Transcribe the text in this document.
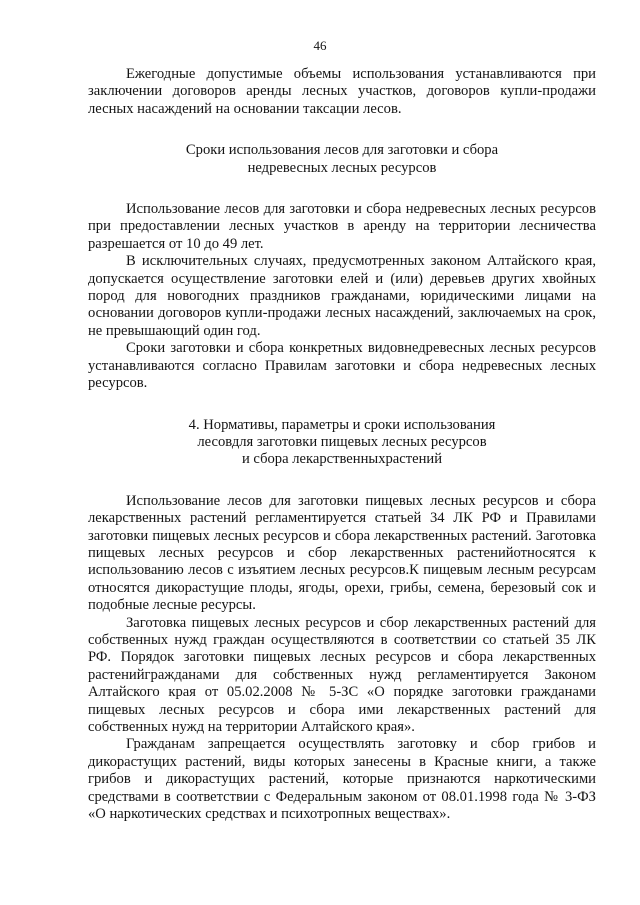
46

Ежегодные допустимые объемы использования устанавливаются при заключении договоров аренды лесных участков, договоров купли-продажи лесных насаждений на основании таксации лесов.

Сроки использования лесов для заготовки и сбора
недревесных лесных ресурсов

Использование лесов для заготовки и сбора недревесных лесных ресурсов при предоставлении лесных участков в аренду на территории лесничества разрешается от 10 до 49 лет.

В исключительных случаях, предусмотренных законом Алтайского края, допускается осуществление заготовки елей и (или) деревьев других хвойных пород для новогодних праздников гражданами, юридическими лицами на основании договоров купли-продажи лесных насаждений, заключаемых на срок, не превышающий один год.

Сроки заготовки и сбора конкретных видовнедревесных лесных ресурсов устанавливаются согласно Правилам заготовки и сбора недревесных лесных ресурсов.

4. Нормативы, параметры и сроки использования
лесовдля заготовки пищевых лесных ресурсов
и сбора лекарственныхрастений

Использование лесов для заготовки пищевых лесных ресурсов и сбора лекарственных растений регламентируется статьей 34 ЛК РФ и Правилами заготовки пищевых лесных ресурсов и сбора лекарственных растений. Заготовка пищевых лесных ресурсов и сбор лекарственных растенийотносятся к использованию лесов с изъятием лесных ресурсов.К пищевым лесным ресурсам относятся дикорастущие плоды, ягоды, орехи, грибы, семена, березовый сок и подобные лесные ресурсы.

Заготовка пищевых лесных ресурсов и сбор лекарственных растений для собственных нужд граждан осуществляются в соответствии со статьей 35 ЛК РФ. Порядок заготовки пищевых лесных ресурсов и сбора лекарственных растенийгражданами для собственных нужд регламентируется Законом Алтайского края от 05.02.2008 № 5-ЗС «О порядке заготовки гражданами пищевых лесных ресурсов и сбора ими лекарственных растений для собственных нужд на территории Алтайского края».

Гражданам запрещается осуществлять заготовку и сбор грибов и дикорастущих растений, виды которых занесены в Красные книги, а также грибов и дикорастущих растений, которые признаются наркотическими средствами в соответствии с Федеральным законом от 08.01.1998 года № 3-ФЗ «О наркотических средствах и психотропных веществах».
